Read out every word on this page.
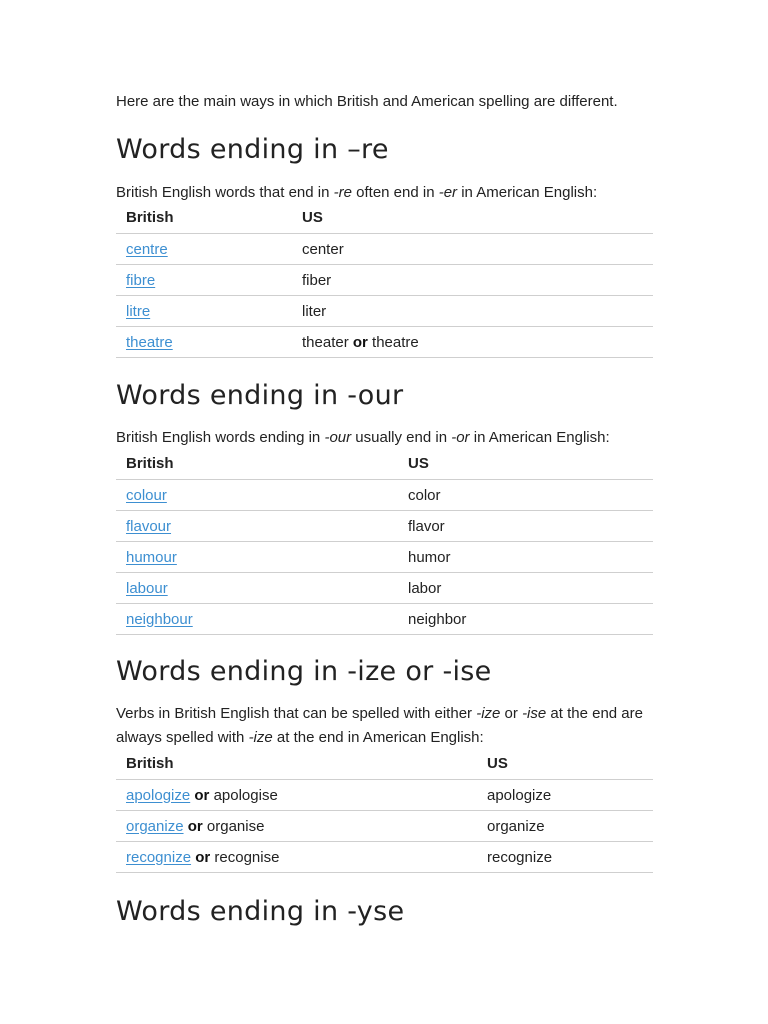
Here are the main ways in which British and American spelling are different.

Words ending in –re

British English words that end in -re often end in -er in American English:

British	US
centre	center
fibre	fiber
litre	liter
theatre	theater or theatre
Words ending in -our

British English words ending in -our usually end in -or in American English:

British	US
colour	color
flavour	flavor
humour	humor
labour	labor
neighbour	neighbor
Words ending in -ize or -ise

Verbs in British English that can be spelled with either -ize or -ise at the end are always spelled with -ize at the end in American English:

British	US
apologize or apologise	apologize
organize or organise	organize
recognize or recognise	recognize
Words ending in -yse
